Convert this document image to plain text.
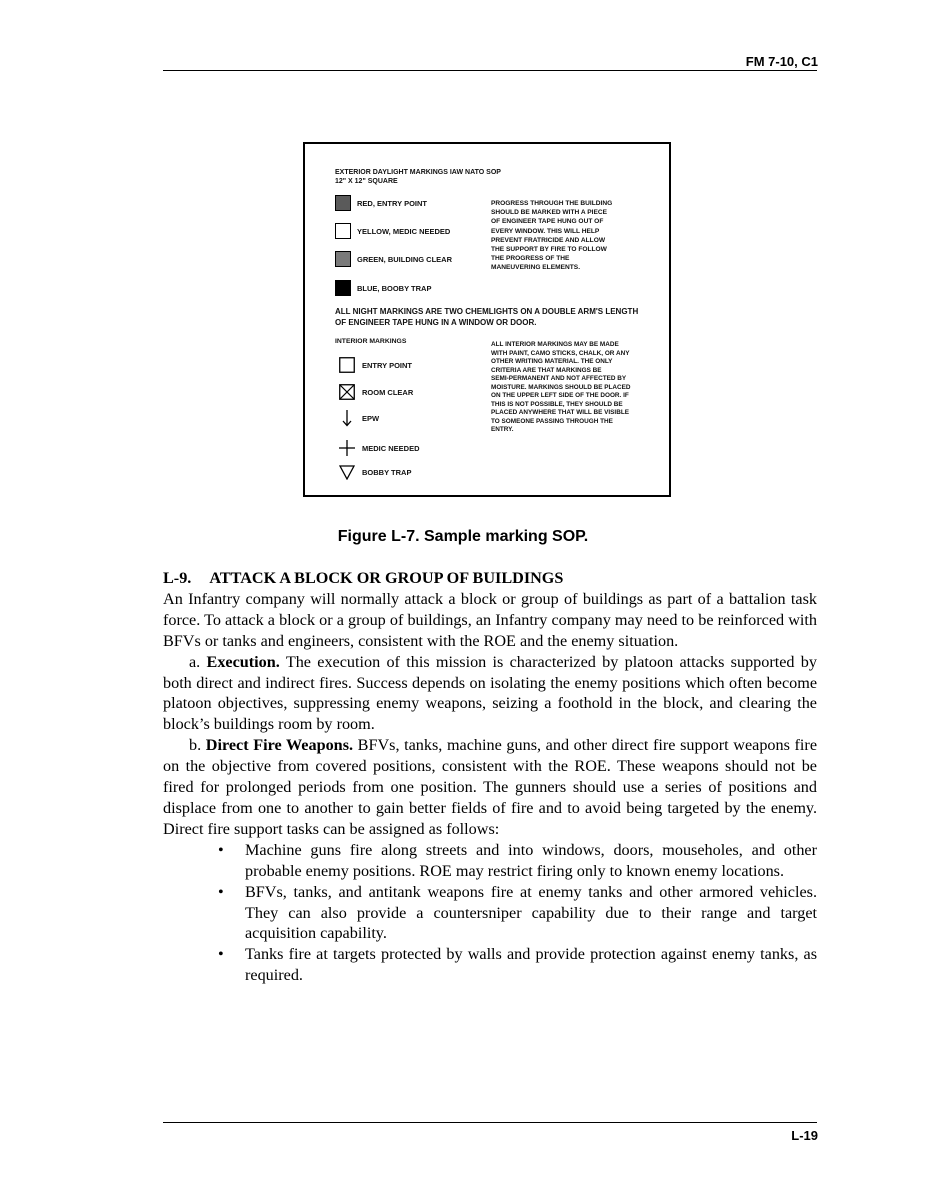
FM 7-10, C1
EXTERIOR DAYLIGHT MARKINGS IAW NATO SOP
12" X 12" SQUARE
RED, ENTRY POINT
YELLOW, MEDIC NEEDED
GREEN, BUILDING CLEAR
BLUE, BOOBY TRAP
PROGRESS THROUGH THE BUILDING
SHOULD BE MARKED WITH A PIECE
OF ENGINEER TAPE HUNG OUT OF
EVERY WINDOW. THIS WILL HELP
PREVENT FRATRICIDE AND ALLOW
THE SUPPORT BY FIRE TO FOLLOW
THE PROGRESS OF THE
MANEUVERING ELEMENTS.
ALL NIGHT MARKINGS ARE TWO CHEMLIGHTS ON A DOUBLE ARM'S LENGTH OF ENGINEER TAPE HUNG IN A WINDOW OR DOOR.
INTERIOR MARKINGS
ENTRY POINT
ROOM CLEAR
EPW
MEDIC NEEDED
BOBBY TRAP
ALL INTERIOR MARKINGS MAY BE MADE
WITH PAINT, CAMO STICKS, CHALK, OR ANY
OTHER WRITING MATERIAL. THE ONLY
CRITERIA ARE THAT MARKINGS BE
SEMI-PERMANENT AND NOT AFFECTED BY
MOISTURE. MARKINGS SHOULD BE PLACED
ON THE UPPER LEFT SIDE OF THE DOOR. IF
THIS IS NOT POSSIBLE, THEY SHOULD BE
PLACED ANYWHERE THAT WILL BE VISIBLE
TO SOMEONE PASSING THROUGH THE
ENTRY.
Figure L-7. Sample marking SOP.

L-9. ATTACK A BLOCK OR GROUP OF BUILDINGS

An Infantry company will normally attack a block or group of buildings as part of a battalion task force. To attack a block or a group of buildings, an Infantry company may need to be reinforced with BFVs or tanks and engineers, consistent with the ROE and the enemy situation.

a. Execution. The execution of this mission is characterized by platoon attacks supported by both direct and indirect fires. Success depends on isolating the enemy positions which often become platoon objectives, suppressing enemy weapons, seizing a foothold in the block, and clearing the block’s buildings room by room.

b. Direct Fire Weapons. BFVs, tanks, machine guns, and other direct fire support weapons fire on the objective from covered positions, consistent with the ROE. These weapons should not be fired for prolonged periods from one position. The gunners should use a series of positions and displace from one to another to gain better fields of fire and to avoid being targeted by the enemy. Direct fire support tasks can be assigned as follows:

• Machine guns fire along streets and into windows, doors, mouseholes, and other probable enemy positions. ROE may restrict firing only to known enemy locations.
• BFVs, tanks, and antitank weapons fire at enemy tanks and other armored vehicles. They can also provide a countersniper capability due to their range and target acquisition capability.
• Tanks fire at targets protected by walls and provide protection against enemy tanks, as required.
L-19
